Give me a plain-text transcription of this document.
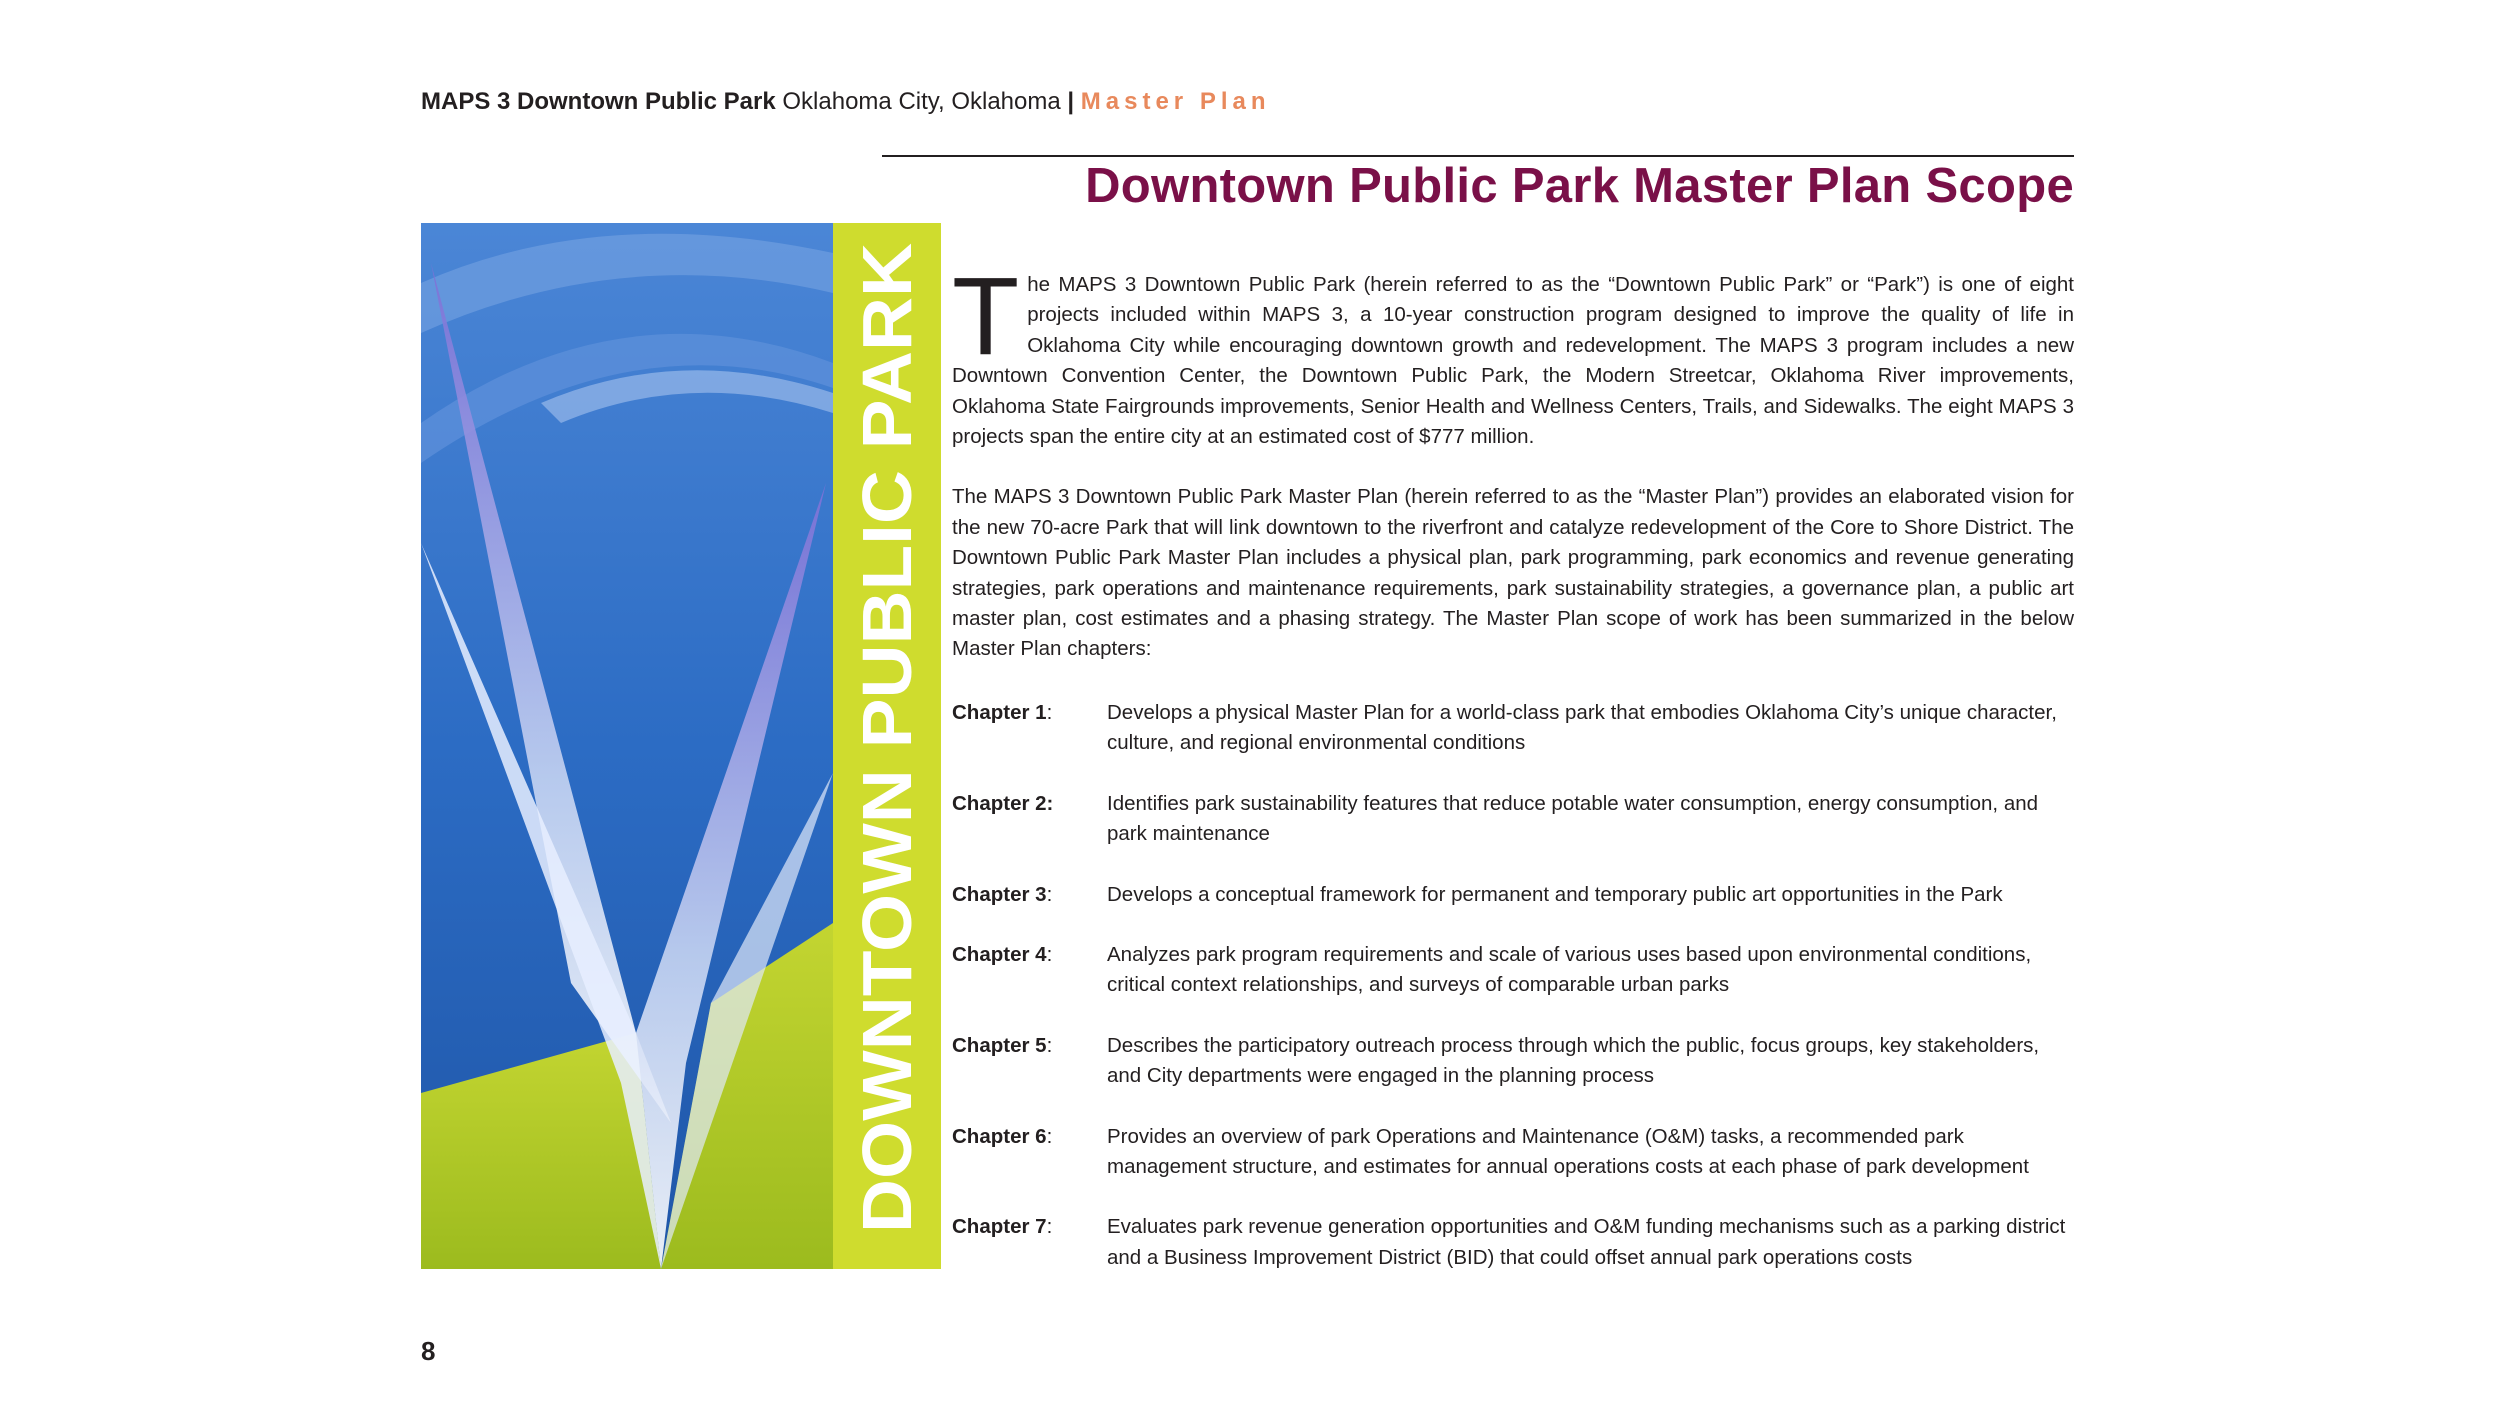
MAPS 3 Downtown Public Park Oklahoma City, Oklahoma | Master Plan
Downtown Public Park Master Plan Scope
DOWNTOWN PUBLIC PARK T he MAPS 3 Downtown Public Park (herein referred to as the “Downtown Public Park” or “Park”) is one of eight projects included within MAPS 3, a 10-year construction program designed to improve the quality of life in Oklahoma City while encouraging downtown growth and redevelopment. The MAPS 3 program includes a new Downtown Convention Center, the Downtown Public Park, the Modern Streetcar, Oklahoma River improvements, Oklahoma State Fairgrounds improvements, Senior Health and Wellness Centers, Trails, and Sidewalks. The eight MAPS 3 projects span the entire city at an estimated cost of $777 million.

The MAPS 3 Downtown Public Park Master Plan (herein referred to as the “Master Plan”) provides an elaborated vision for the new 70-acre Park that will link downtown to the riverfront and catalyze redevelopment of the Core to Shore District. The Downtown Public Park Master Plan includes a physical plan, park programming, park economics and revenue generating strategies, park operations and maintenance requirements, park sustainability strategies, a governance plan, a public art master plan, cost estimates and a phasing strategy. The Master Plan scope of work has been summarized in the below Master Plan chapters:

Chapter 1:	Develops a physical Master Plan for a world-class park that embodies Oklahoma City’s unique character, culture, and regional environmental conditions
Chapter 2:	Identifies park sustainability features that reduce potable water consumption, energy consumption, and park maintenance
Chapter 3:	Develops a conceptual framework for permanent and temporary public art opportunities in the Park
Chapter 4:	Analyzes park program requirements and scale of various uses based upon environmental conditions, critical context relationships, and surveys of comparable urban parks
Chapter 5:	Describes the participatory outreach process through which the public, focus groups, key stakeholders, and City departments were engaged in the planning process
Chapter 6:	Provides an overview of park Operations and Maintenance (O&M) tasks, a recommended park management structure, and estimates for annual operations costs at each phase of park development
Chapter 7:	Evaluates park revenue generation opportunities and O&M funding mechanisms such as a parking district and a Business Improvement District (BID) that could offset annual park operations costs
8
